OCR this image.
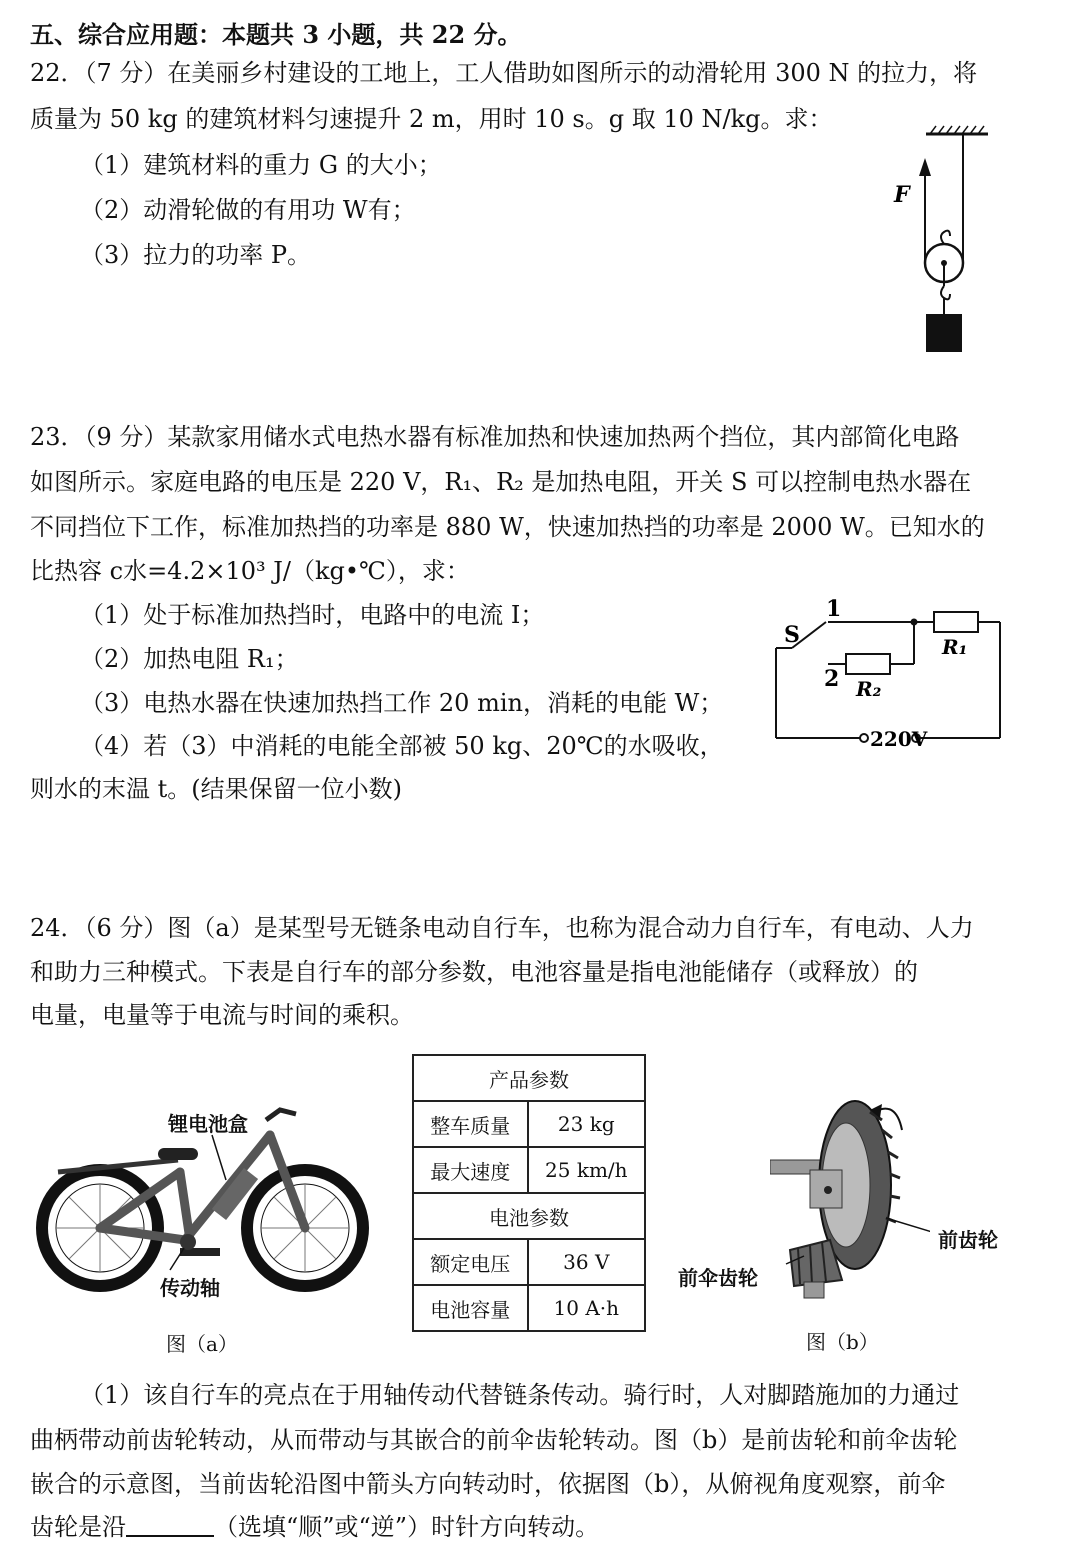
五、综合应用题：本题共 3 小题，共 22 分。
22．（7 分）在美丽乡村建设的工地上，工人借助如图所示的动滑轮用 300 N 的拉力，将
质量为 50 kg 的建筑材料匀速提升 2 m，用时 10 s。g 取 10 N/kg。求：
（1）建筑材料的重力 G 的大小；
（2）动滑轮做的有用功 W有；
（3）拉力的功率 P。
F
23．（9 分）某款家用储水式电热水器有标准加热和快速加热两个挡位，其内部简化电路
如图所示。家庭电路的电压是 220 V，R₁、R₂ 是加热电阻，开关 S 可以控制电热水器在
不同挡位下工作，标准加热挡的功率是 880 W，快速加热挡的功率是 2000 W。已知水的
比热容 c水=4.2×10³ J/（kg•℃），求：
（1）处于标准加热挡时，电路中的电流 I；
（2）加热电阻 R₁；
（3）电热水器在快速加热挡工作 20 min，消耗的电能 W；
（4）若（3）中消耗的电能全部被 50 kg、20℃的水吸收，
则水的末温 t。(结果保留一位小数)
S
1
2
R₁
R₂
220V
24．（6 分）图（a）是某型号无链条电动自行车，也称为混合动力自行车，有电动、人力
和助力三种模式。下表是自行车的部分参数，电池容量是指电池能储存（或释放）的
电量，电量等于电流与时间的乘积。
锂电池盒
传动轴
图（a）
产品参数	
整车质量	23 kg
最大速度	25 km/h
电池参数	
额定电压	36 V
电池容量	10 A·h
前齿轮
前伞齿轮
图（b）
（1）该自行车的亮点在于用轴传动代替链条传动。骑行时，人对脚踏施加的力通过
曲柄带动前齿轮转动，从而带动与其嵌合的前伞齿轮转动。图（b）是前齿轮和前伞齿轮
嵌合的示意图，当前齿轮沿图中箭头方向转动时，依据图（b），从俯视角度观察，前伞
齿轮是沿	（选填“顺”或“逆”）时针方向转动。
